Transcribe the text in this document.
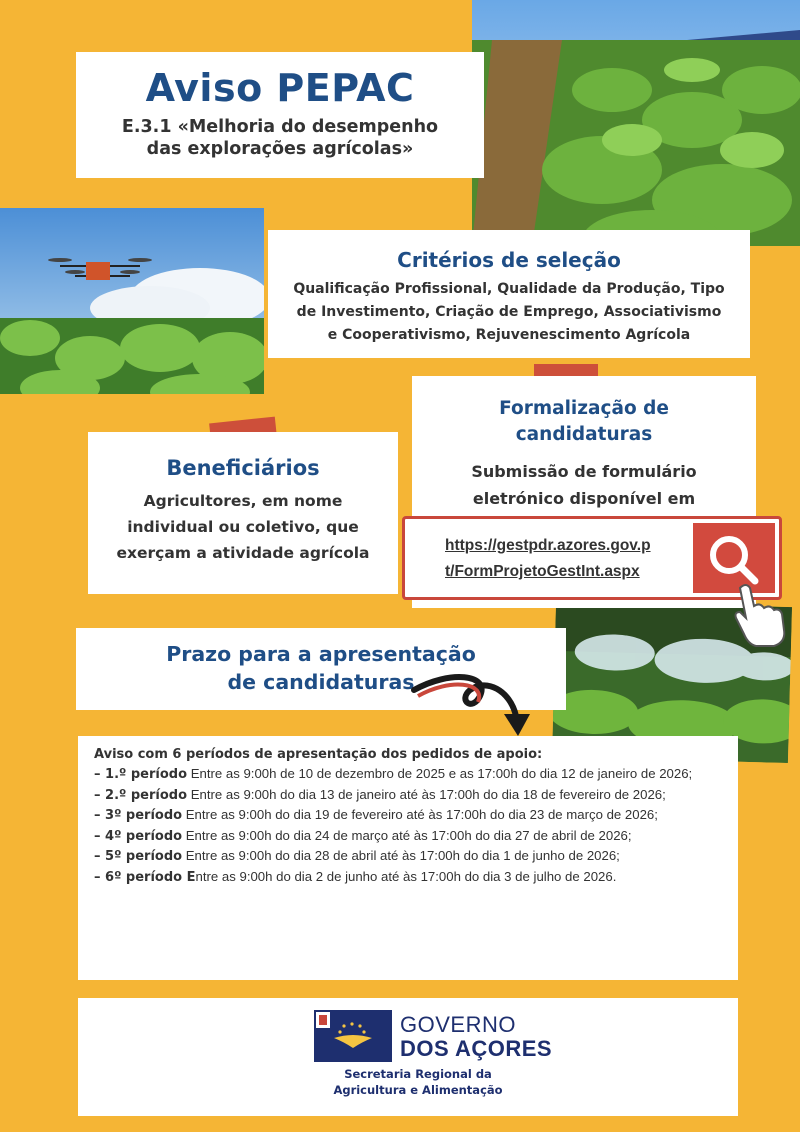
Aviso PEPAC
E.3.1 «Melhoria do desempenho
das explorações agrícolas»
Critérios de seleção
Qualificação Profissional, Qualidade da Produção, Tipo
de Investimento, Criação de Emprego, Associativismo
e Cooperativismo, Rejuvenescimento Agrícola
Formalização de
candidaturas
Submissão de formulário
eletrónico disponível em
Beneficiários
Agricultores, em nome
individual ou coletivo, que
exerçam a atividade agrícola	https://gestpdr.azores.gov.p
t/FormProjetoGestInt.aspx
Prazo para a apresentação
de candidaturas
Aviso com 6 períodos de apresentação dos pedidos de apoio:
– 1.º período Entre as 9:00h de 10 de dezembro de 2025 e as 17:00h do dia 12 de janeiro de 2026;
– 2.º período Entre as 9:00h do dia 13 de janeiro até às 17:00h do dia 18 de fevereiro de 2026;
– 3º período Entre as 9:00h do dia 19 de fevereiro até às 17:00h do dia 23 de março de 2026;
– 4º período Entre as 9:00h do dia 24 de março até às 17:00h do dia 27 de abril de 2026;
– 5º período Entre as 9:00h do dia 28 de abril até às 17:00h do dia 1 de junho de 2026;
– 6º período Entre as 9:00h do dia 2 de junho até às 17:00h do dia 3 de julho de 2026.
GOVERNO
DOS AÇORES
Secretaria Regional da
Agricultura e Alimentação
